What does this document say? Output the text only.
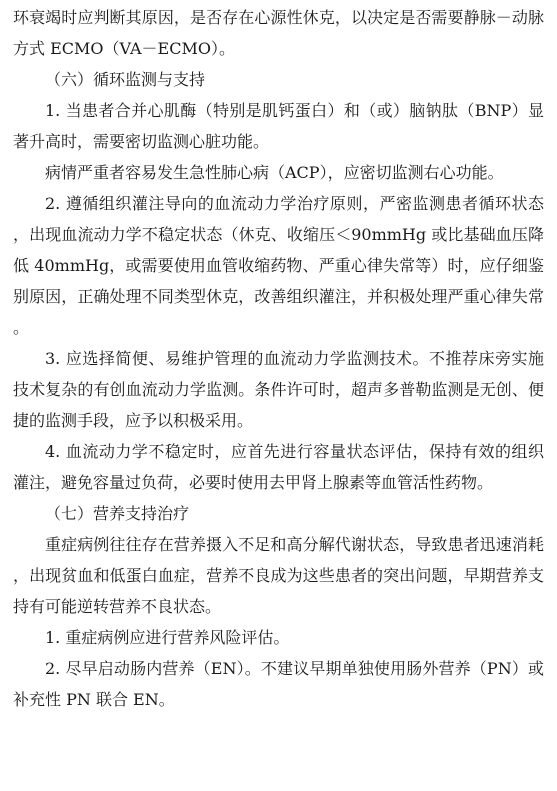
环衰竭时应判断其原因，是否存在心源性休克，以决定是否需要静脉－动脉方式 ECMO（VA－ECMO）。

（六）循环监测与支持

1. 当患者合并心肌酶（特别是肌钙蛋白）和（或）脑钠肽（BNP）显著升高时，需要密切监测心脏功能。

病情严重者容易发生急性肺心病（ACP），应密切监测右心功能。

2. 遵循组织灌注导向的血流动力学治疗原则，严密监测患者循环状态，出现血流动力学不稳定状态（休克、收缩压＜90mmHg 或比基础血压降低 40mmHg，或需要使用血管收缩药物、严重心律失常等）时，应仔细鉴别原因，正确处理不同类型休克，改善组织灌注，并积极处理严重心律失常。

3. 应选择简便、易维护管理的血流动力学监测技术。不推荐床旁实施技术复杂的有创血流动力学监测。条件许可时，超声多普勒监测是无创、便捷的监测手段，应予以积极采用。

4. 血流动力学不稳定时，应首先进行容量状态评估，保持有效的组织灌注，避免容量过负荷，必要时使用去甲肾上腺素等血管活性药物。

（七）营养支持治疗

重症病例往往存在营养摄入不足和高分解代谢状态，导致患者迅速消耗，出现贫血和低蛋白血症，营养不良成为这些患者的突出问题，早期营养支持有可能逆转营养不良状态。

1. 重症病例应进行营养风险评估。

2. 尽早启动肠内营养（EN）。不建议早期单独使用肠外营养（PN）或补充性 PN 联合 EN。
